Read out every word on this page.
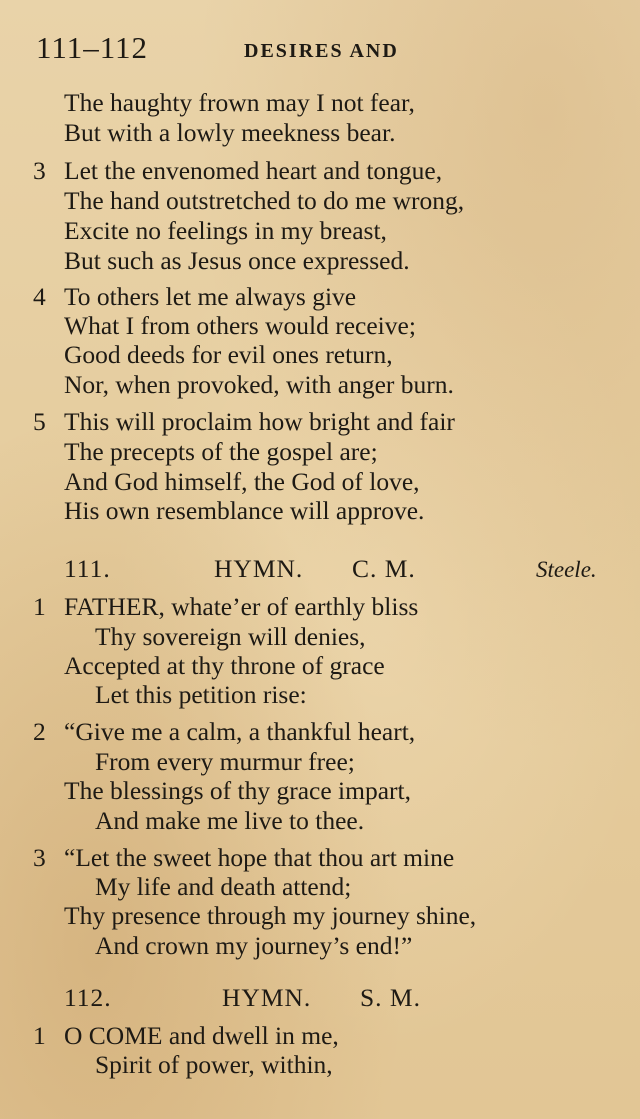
111–112	DESIRES AND
The haughty frown may I not fear,
But with a lowly meekness bear.
3 Let the envenomed heart and tongue,
The hand outstretched to do me wrong,
Excite no feelings in my breast,
But such as Jesus once expressed.
4 To others let me always give
What I from others would receive;
Good deeds for evil ones return,
Nor, when provoked, with anger burn.
5 This will proclaim how bright and fair
The precepts of the gospel are;
And God himself, the God of love,
His own resemblance will approve.
111.	HYMN. C. M.	Steele.
1 FATHER, whate’er of earthly bliss
Thy sovereign will denies,
Accepted at thy throne of grace
Let this petition rise:
2 “Give me a calm, a thankful heart,
From every murmur free;
The blessings of thy grace impart,
And make me live to thee.
3 “Let the sweet hope that thou art mine
My life and death attend;
Thy presence through my journey shine,
And crown my journey’s end!”
112.	HYMN. S. M.
1 O COME and dwell in me,
Spirit of power, within,
